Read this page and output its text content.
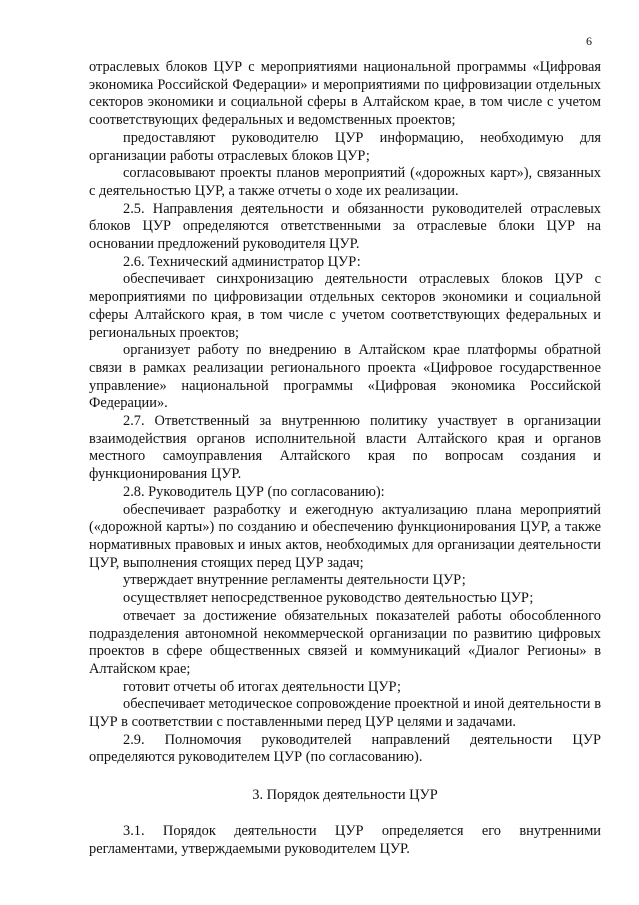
6

отраслевых блоков ЦУР с мероприятиями национальной программы «Цифровая экономика Российской Федерации» и мероприятиями по цифровизации отдельных секторов экономики и социальной сферы в Алтайском крае, в том числе с учетом соответствующих федеральных и ведомственных проектов;

предоставляют руководителю ЦУР информацию, необходимую для организации работы отраслевых блоков ЦУР;

согласовывают проекты планов мероприятий («дорожных карт»), связанных с деятельностью ЦУР, а также отчеты о ходе их реализации.

2.5. Направления деятельности и обязанности руководителей отраслевых блоков ЦУР определяются ответственными за отраслевые блоки ЦУР на основании предложений руководителя ЦУР.

2.6. Технический администратор ЦУР:

обеспечивает синхронизацию деятельности отраслевых блоков ЦУР с мероприятиями по цифровизации отдельных секторов экономики и социальной сферы Алтайского края, в том числе с учетом соответствующих федеральных и региональных проектов;

организует работу по внедрению в Алтайском крае платформы обратной связи в рамках реализации регионального проекта «Цифровое государственное управление» национальной программы «Цифровая экономика Российской Федерации».

2.7. Ответственный за внутреннюю политику участвует в организации взаимодействия органов исполнительной власти Алтайского края и органов местного самоуправления Алтайского края по вопросам создания и функционирования ЦУР.

2.8. Руководитель ЦУР (по согласованию):

обеспечивает разработку и ежегодную актуализацию плана мероприятий («дорожной карты») по созданию и обеспечению функционирования ЦУР, а также нормативных правовых и иных актов, необходимых для организации деятельности ЦУР, выполнения стоящих перед ЦУР задач;

утверждает внутренние регламенты деятельности ЦУР;

осуществляет непосредственное руководство деятельностью ЦУР;

отвечает за достижение обязательных показателей работы обособленного подразделения автономной некоммерческой организации по развитию цифровых проектов в сфере общественных связей и коммуникаций «Диалог Регионы» в Алтайском крае;

готовит отчеты об итогах деятельности ЦУР;

обеспечивает методическое сопровождение проектной и иной деятельности в ЦУР в соответствии с поставленными перед ЦУР целями и задачами.

2.9. Полномочия руководителей направлений деятельности ЦУР определяются руководителем ЦУР (по согласованию).

3. Порядок деятельности ЦУР

3.1. Порядок деятельности ЦУР определяется его внутренними регламентами, утверждаемыми руководителем ЦУР.
